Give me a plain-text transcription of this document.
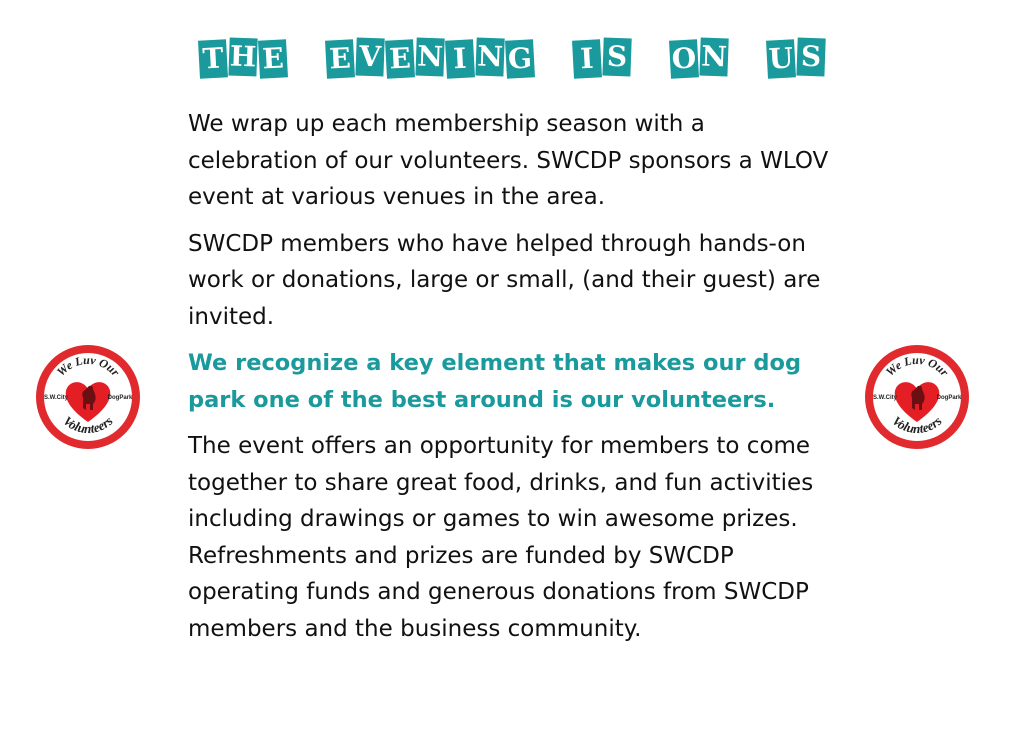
T H E E V E N I N G I S O N U S
We Luv Our
Volunteers
S.W.City	DogPark
We Luv Our
Volunteers
S.W.City	DogPark

We wrap up each membership season with a celebration of our volunteers. SWCDP sponsors a WLOV event at various venues in the area.

SWCDP members who have helped through hands-on work or donations, large or small, (and their guest) are invited.

We recognize a key element that makes our dog park one of the best around is our volunteers.

The event offers an opportunity for members to come together to share great food, drinks, and fun activities including drawings or games to win awesome prizes. Refreshments and prizes are funded by SWCDP operating funds and generous donations from SWCDP members and the business community.
